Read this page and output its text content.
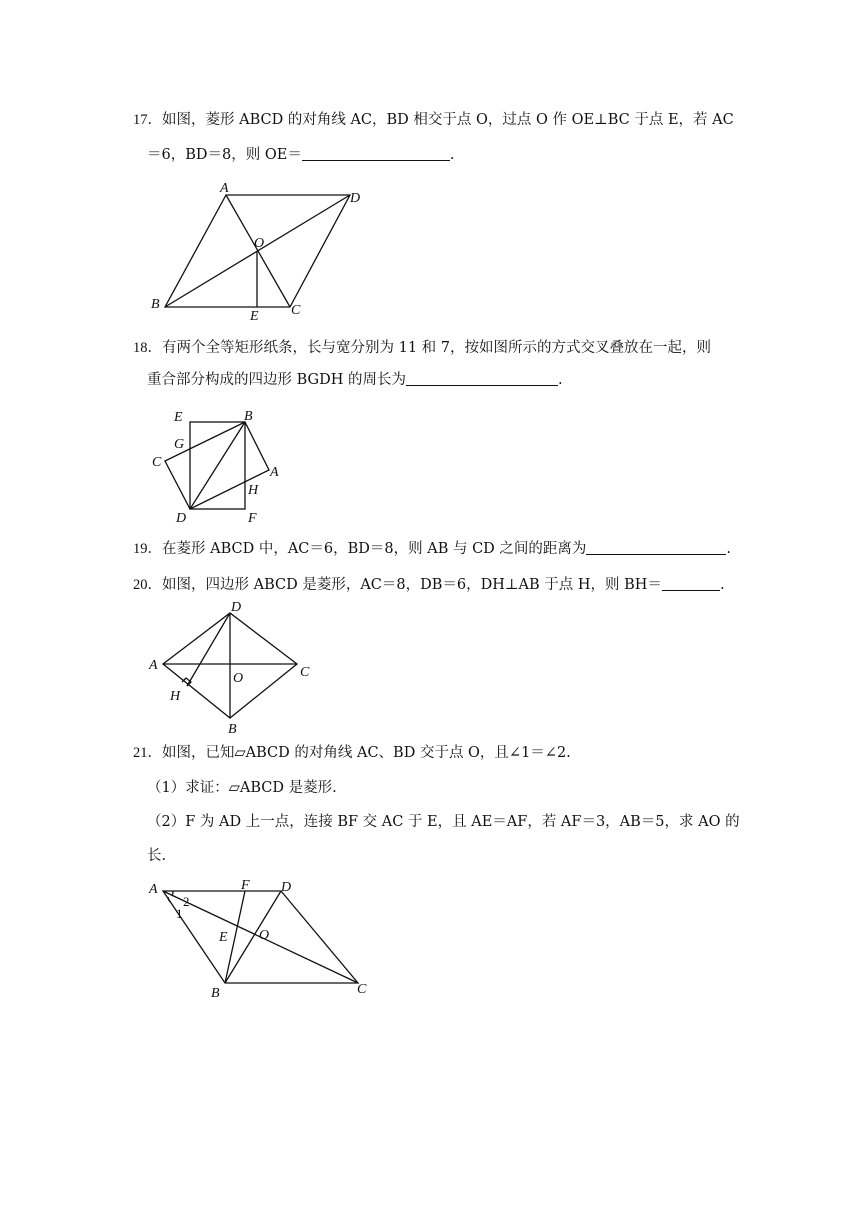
17．如图，菱形 ABCD 的对角线 AC，BD 相交于点 O，过点 O 作 OE⊥BC 于点 E，若 AC
＝6，BD＝8，则 OE＝	.
A
D
O
B	C
E
18．有两个全等矩形纸条，长与宽分别为 11 和 7，按如图所示的方式交叉叠放在一起，则
重合部分构成的四边形 BGDH 的周长为	.
E	B
G
C
A
H
D	F
19．在菱形 ABCD 中，AC＝6，BD＝8，则 AB 与 CD 之间的距离为	.
20．如图，四边形 ABCD 是菱形，AC＝8，DB＝6，DH⊥AB 于点 H，则 BH＝	.
D
A
O	C
H
B
21．如图，已知▱ABCD 的对角线 AC、BD 交于点 O，且∠1＝∠2.
（1）求证：▱ABCD 是菱形.
（2）F 为 AD 上一点，连接 BF 交 AC 于 E，且 AE＝AF，若 AF＝3，AB＝5，求 AO 的
长.
A	F D
2
1
E O
B	C
